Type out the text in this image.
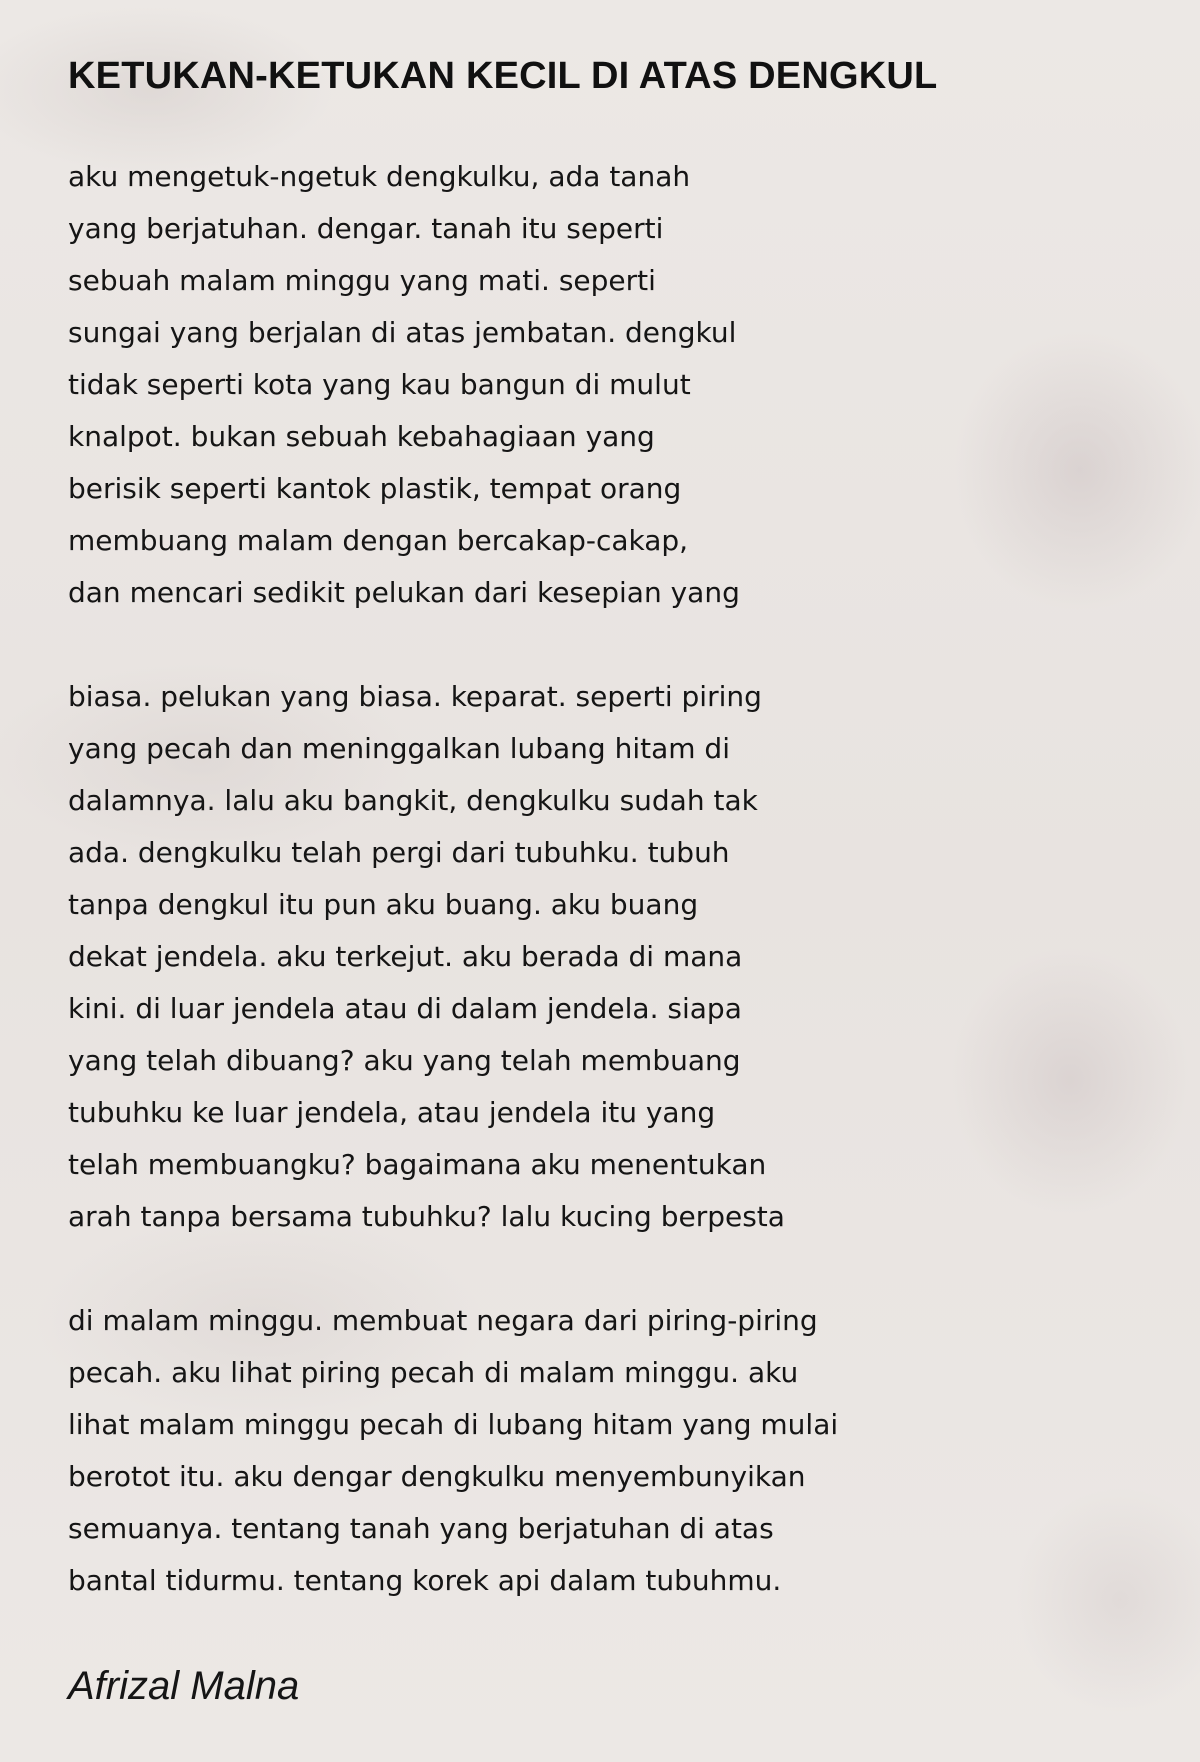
KETUKAN-KETUKAN KECIL DI ATAS DENGKUL
aku mengetuk-ngetuk dengkulku, ada tanah
yang berjatuhan. dengar. tanah itu seperti
sebuah malam minggu yang mati. seperti
sungai yang berjalan di atas jembatan. dengkul
tidak seperti kota yang kau bangun di mulut
knalpot. bukan sebuah kebahagiaan yang
berisik seperti kantok plastik, tempat orang
membuang malam dengan bercakap-cakap,
dan mencari sedikit pelukan dari kesepian yang
biasa. pelukan yang biasa. keparat. seperti piring
yang pecah dan meninggalkan lubang hitam di
dalamnya. lalu aku bangkit, dengkulku sudah tak
ada. dengkulku telah pergi dari tubuhku. tubuh
tanpa dengkul itu pun aku buang. aku buang
dekat jendela. aku terkejut. aku berada di mana
kini. di luar jendela atau di dalam jendela. siapa
yang telah dibuang? aku yang telah membuang
tubuhku ke luar jendela, atau jendela itu yang
telah membuangku? bagaimana aku menentukan
arah tanpa bersama tubuhku? lalu kucing berpesta
di malam minggu. membuat negara dari piring-piring
pecah. aku lihat piring pecah di malam minggu. aku
lihat malam minggu pecah di lubang hitam yang mulai
berotot itu. aku dengar dengkulku menyembunyikan
semuanya. tentang tanah yang berjatuhan di atas
bantal tidurmu. tentang korek api dalam tubuhmu.

Afrizal Malna
